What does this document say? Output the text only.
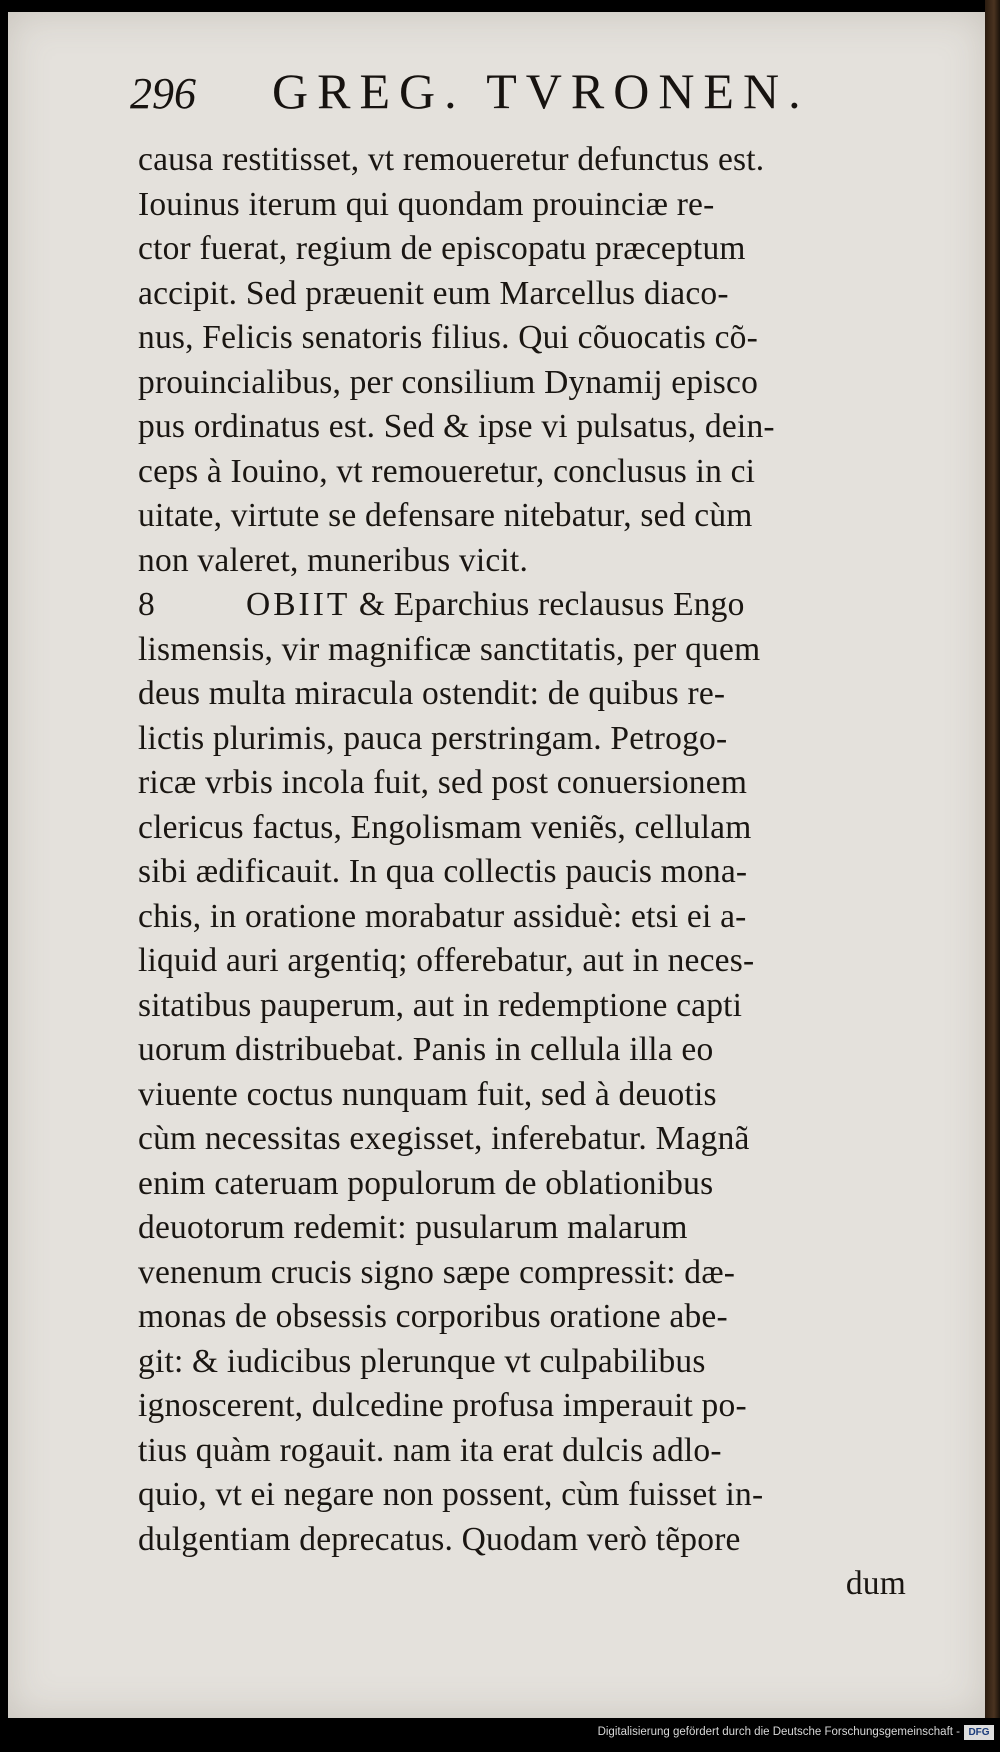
296 GREG. TVRONEN.
causa restitisset, vt remoueretur defunctus est.
Iouinus iterum qui quondam prouinciæ re-
ctor fuerat, regium de episcopatu præceptum
accipit. Sed præuenit eum Marcellus diaco-
nus, Felicis senatoris filius. Qui cõuocatis cõ-
prouincialibus, per consilium Dynamij episco
pus ordinatus est. Sed & ipse vi pulsatus, dein-
ceps à Iouino, vt remoueretur, conclusus in ci
uitate, virtute se defensare nitebatur, sed cùm
non valeret, muneribus vicit.
8	OBIIT & Eparchius reclausus Engo
lismensis, vir magnificæ sanctitatis, per quem
deus multa miracula ostendit: de quibus re-
lictis plurimis, pauca perstringam. Petrogo-
ricæ vrbis incola fuit, sed post conuersionem
clericus factus, Engolismam veniẽs, cellulam
sibi ædificauit. In qua collectis paucis mona-
chis, in oratione morabatur assiduè: etsi ei a-
liquid auri argentiq; offerebatur, aut in neces-
sitatibus pauperum, aut in redemptione capti
uorum distribuebat. Panis in cellula illa eo
viuente coctus nunquam fuit, sed à deuotis
cùm necessitas exegisset, inferebatur. Magnã
enim cateruam populorum de oblationibus
deuotorum redemit: pusularum malarum
venenum crucis signo sæpe compressit: dæ-
monas de obsessis corporibus oratione abe-
git: & iudicibus plerunque vt culpabilibus
ignoscerent, dulcedine profusa imperauit po-
tius quàm rogauit. nam ita erat dulcis adlo-
quio, vt ei negare non possent, cùm fuisset in-
dulgentiam deprecatus. Quodam verò tẽpore
dum
Digitalisierung gefördert durch die Deutsche Forschungsgemeinschaft - DFG
